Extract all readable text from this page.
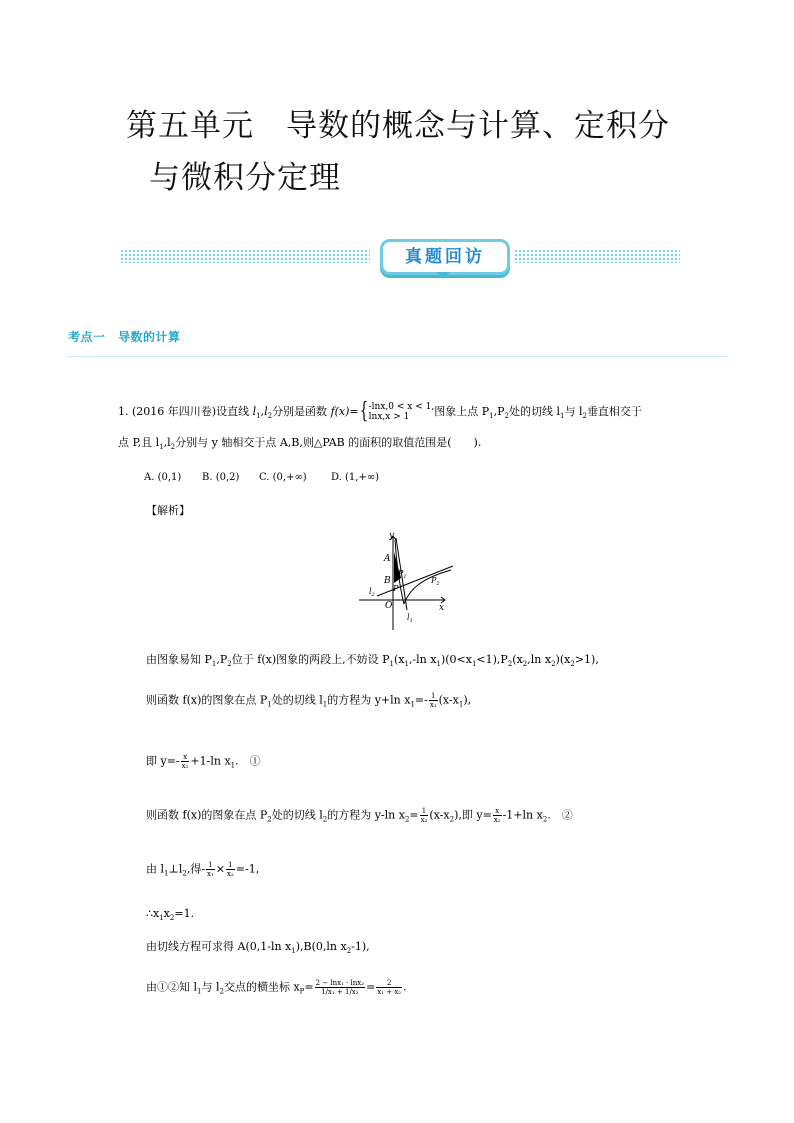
第五单元　导数的概念与计算、定积分
与微积分定理
真题回访
考点一　导数的计算
1. (2016 年四川卷)设直线 $l_1,l_2$分别是函数 f(x)={ -lnx,0 < x < 1,
lnx,x > 1	图象上点 $P_1,P_2$处的切线 $l_1$与 $l_2$垂直相交于
点 P,且 $l_1,l_2$分别与 y 轴相交于点 A,B,则△PAB 的面积的取值范围是(　　).
A. (0,1) B. (0,2) C. (0,+∞) D. (1,+∞)
【解析】
y
x
O
A
B
$P_1$
P
$P_2$
$l_2$
$l_1$
由图象易知 $P_1,P_2$位于 f(x)图象的两段上,不妨设 $P_1(x_1,-\ln$ $x_1)(0<x_1<1),P_2(x_2,\ln$ $x_2)(x_2>1)$,
则函数 f(x)的图象在点 $P_1$处的切线 $l_1$的方程为 y+ln $x_1=- \frac{1}{\text{x₁}} (x-x_1)$,
即 $y=- \frac{x}{\text{x₁}} +1-\ln$ $x_1$.　①
则函数 f(x)的图象在点 $P_2$处的切线 $l_2$的方程为 y-ln $x_2= \frac{1}{\text{x₂}} (x-x_2)$,即 $y= \frac{x}{\text{x₂}} -1+\ln$ $x_2$.　②
由 $l_1\perp l_2$,得- $\frac{1}{\text{x₁}} \times \frac{1}{\text{x₂}} =-1$,
$\therefore x_1x_2=1$.
由切线方程可求得 A(0,1-ln $x_1),B(0,\ln$ $x_2-1$),
由①②知 $l_1$与 $l_2$交点的横坐标 $x_P= \frac{\text{2 − lnx₁ · lnx₂}}{\text{1/x₁ + 1/x₂}} = \frac{2}{\text{x₁ + x₂}}$ .
